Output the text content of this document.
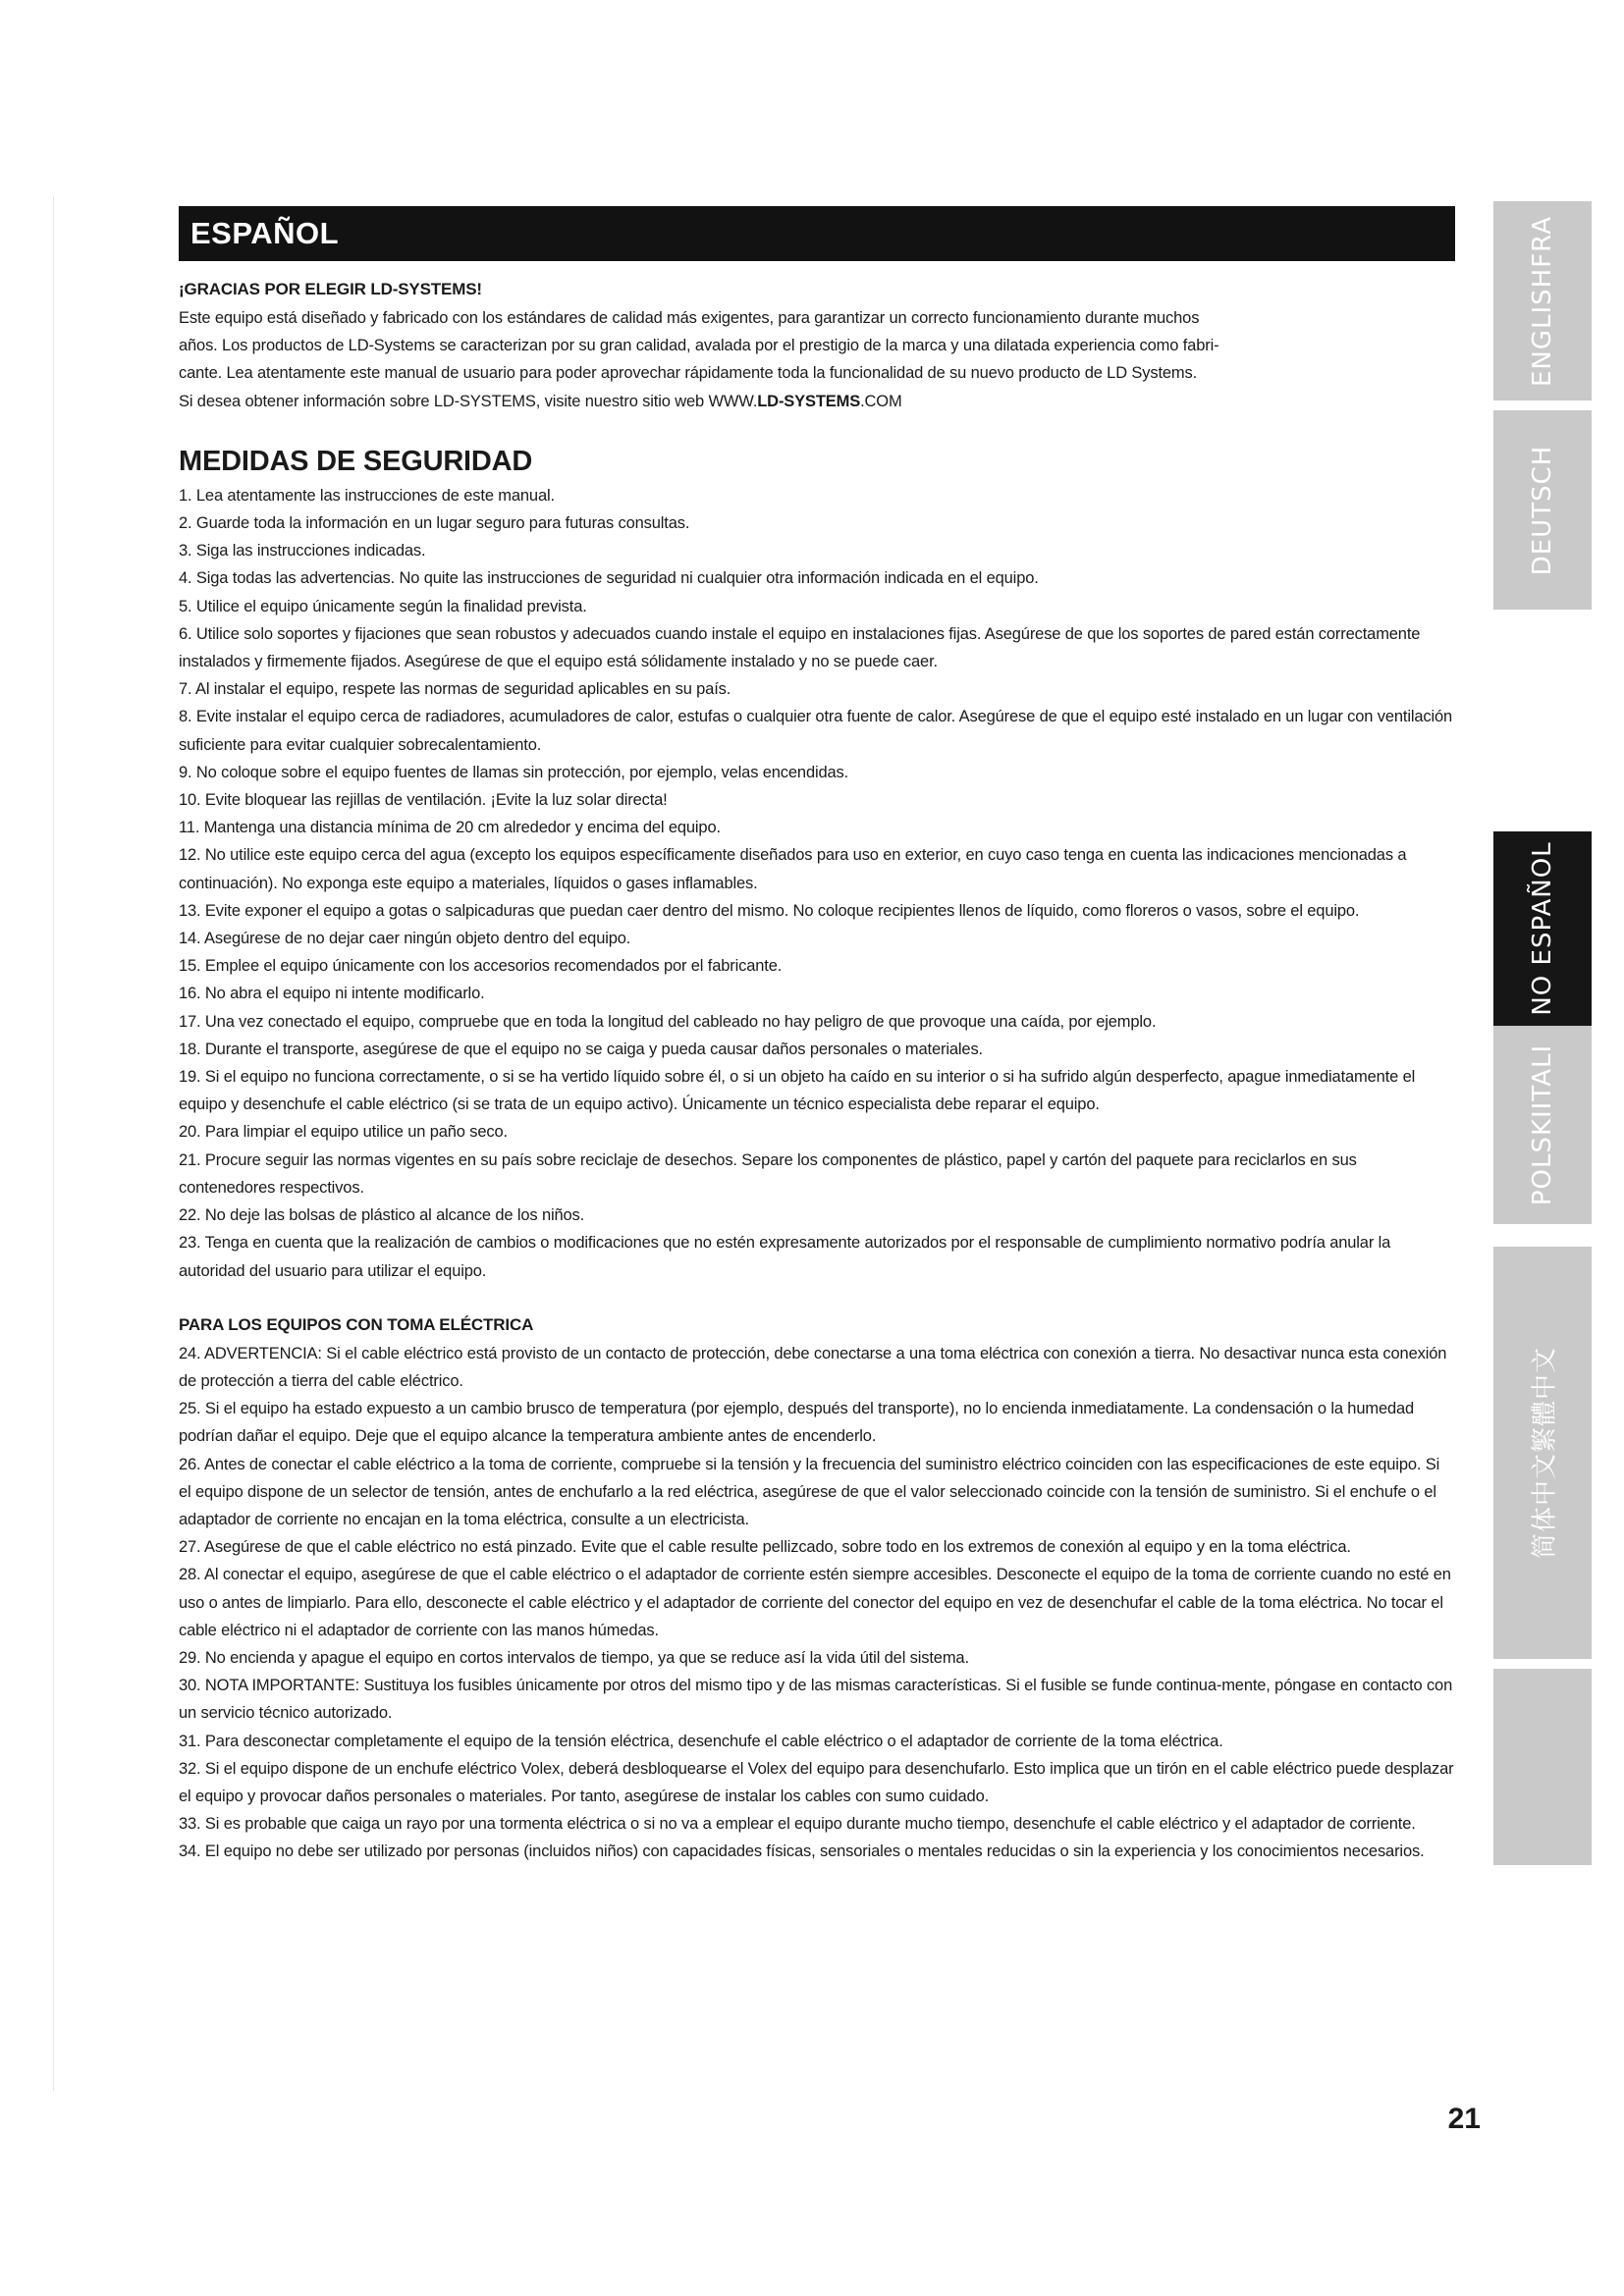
ESPAÑOL

¡GRACIAS POR ELEGIR LD-SYSTEMS!

Este equipo está diseñado y fabricado con los estándares de calidad más exigentes, para garantizar un correcto funcionamiento durante muchos

años. Los productos de LD-Systems se caracterizan por su gran calidad, avalada por el prestigio de la marca y una dilatada experiencia como fabri-

cante. Lea atentamente este manual de usuario para poder aprovechar rápidamente toda la funcionalidad de su nuevo producto de LD Systems.

Si desea obtener información sobre LD-SYSTEMS, visite nuestro sitio web WWW.LD-SYSTEMS.COM

MEDIDAS DE SEGURIDAD

1. Lea atentamente las instrucciones de este manual.

2. Guarde toda la información en un lugar seguro para futuras consultas.

3. Siga las instrucciones indicadas.

4. Siga todas las advertencias. No quite las instrucciones de seguridad ni cualquier otra información indicada en el equipo.

5. Utilice el equipo únicamente según la finalidad prevista.

6. Utilice solo soportes y fijaciones que sean robustos y adecuados cuando instale el equipo en instalaciones fijas. Asegúrese de que los soportes de pared están correctamente instalados y firmemente fijados. Asegúrese de que el equipo está sólidamente instalado y no se puede caer.

7. Al instalar el equipo, respete las normas de seguridad aplicables en su país.

8. Evite instalar el equipo cerca de radiadores, acumuladores de calor, estufas o cualquier otra fuente de calor. Asegúrese de que el equipo esté instalado en un lugar con ventilación suficiente para evitar cualquier sobrecalentamiento.

9. No coloque sobre el equipo fuentes de llamas sin protección, por ejemplo, velas encendidas.

10. Evite bloquear las rejillas de ventilación. ¡Evite la luz solar directa!

11. Mantenga una distancia mínima de 20 cm alrededor y encima del equipo.

12. No utilice este equipo cerca del agua (excepto los equipos específicamente diseñados para uso en exterior, en cuyo caso tenga en cuenta las indicaciones mencionadas a continuación). No exponga este equipo a materiales, líquidos o gases inflamables.

13. Evite exponer el equipo a gotas o salpicaduras que puedan caer dentro del mismo. No coloque recipientes llenos de líquido, como floreros o vasos, sobre el equipo.

14. Asegúrese de no dejar caer ningún objeto dentro del equipo.

15. Emplee el equipo únicamente con los accesorios recomendados por el fabricante.

16. No abra el equipo ni intente modificarlo.

17. Una vez conectado el equipo, compruebe que en toda la longitud del cableado no hay peligro de que provoque una caída, por ejemplo.

18. Durante el transporte, asegúrese de que el equipo no se caiga y pueda causar daños personales o materiales.

19. Si el equipo no funciona correctamente, o si se ha vertido líquido sobre él, o si un objeto ha caído en su interior o si ha sufrido algún desperfecto, apague inmediatamente el equipo y desenchufe el cable eléctrico (si se trata de un equipo activo). Únicamente un técnico especialista debe reparar el equipo.

20. Para limpiar el equipo utilice un paño seco.

21. Procure seguir las normas vigentes en su país sobre reciclaje de desechos. Separe los componentes de plástico, papel y cartón del paquete para reciclarlos en sus contenedores respectivos.

22. No deje las bolsas de plástico al alcance de los niños.

23. Tenga en cuenta que la realización de cambios o modificaciones que no estén expresamente autorizados por el responsable de cumplimiento normativo podría anular la autoridad del usuario para utilizar el equipo.

PARA LOS EQUIPOS CON TOMA ELÉCTRICA

24. ADVERTENCIA: Si el cable eléctrico está provisto de un contacto de protección, debe conectarse a una toma eléctrica con conexión a tierra. No desactivar nunca esta conexión de protección a tierra del cable eléctrico.

25. Si el equipo ha estado expuesto a un cambio brusco de temperatura (por ejemplo, después del transporte), no lo encienda inmediatamente. La condensación o la humedad podrían dañar el equipo. Deje que el equipo alcance la temperatura ambiente antes de encenderlo.

26. Antes de conectar el cable eléctrico a la toma de corriente, compruebe si la tensión y la frecuencia del suministro eléctrico coinciden con las especificaciones de este equipo. Si el equipo dispone de un selector de tensión, antes de enchufarlo a la red eléctrica, asegúrese de que el valor seleccionado coincide con la tensión de suministro. Si el enchufe o el adaptador de corriente no encajan en la toma eléctrica, consulte a un electricista.

27. Asegúrese de que el cable eléctrico no está pinzado. Evite que el cable resulte pellizcado, sobre todo en los extremos de conexión al equipo y en la toma eléctrica.

28. Al conectar el equipo, asegúrese de que el cable eléctrico o el adaptador de corriente estén siempre accesibles. Desconecte el equipo de la toma de corriente cuando no esté en uso o antes de limpiarlo. Para ello, desconecte el cable eléctrico y el adaptador de corriente del conector del equipo en vez de desenchufar el cable de la toma eléctrica. No tocar el cable eléctrico ni el adaptador de corriente con las manos húmedas.

29. No encienda y apague el equipo en cortos intervalos de tiempo, ya que se reduce así la vida útil del sistema.

30. NOTA IMPORTANTE: Sustituya los fusibles únicamente por otros del mismo tipo y de las mismas características. Si el fusible se funde continua-mente, póngase en contacto con un servicio técnico autorizado.

31. Para desconectar completamente el equipo de la tensión eléctrica, desenchufe el cable eléctrico o el adaptador de corriente de la toma eléctrica.

32. Si el equipo dispone de un enchufe eléctrico Volex, deberá desbloquearse el Volex del equipo para desenchufarlo. Esto implica que un tirón en el cable eléctrico puede desplazar el equipo y provocar daños personales o materiales. Por tanto, asegúrese de instalar los cables con sumo cuidado.

33. Si es probable que caiga un rayo por una tormenta eléctrica o si no va a emplear el equipo durante mucho tiempo, desenchufe el cable eléctrico y el adaptador de corriente.

34. El equipo no debe ser utilizado por personas (incluidos niños) con capacidades físicas, sensoriales o mentales reducidas o sin la experiencia y los conocimientos necesarios.

21
ENGLISHFRA
DEUTSCH
NO ESPAÑOL
POLSKIITALI
简体中文繁體中文
